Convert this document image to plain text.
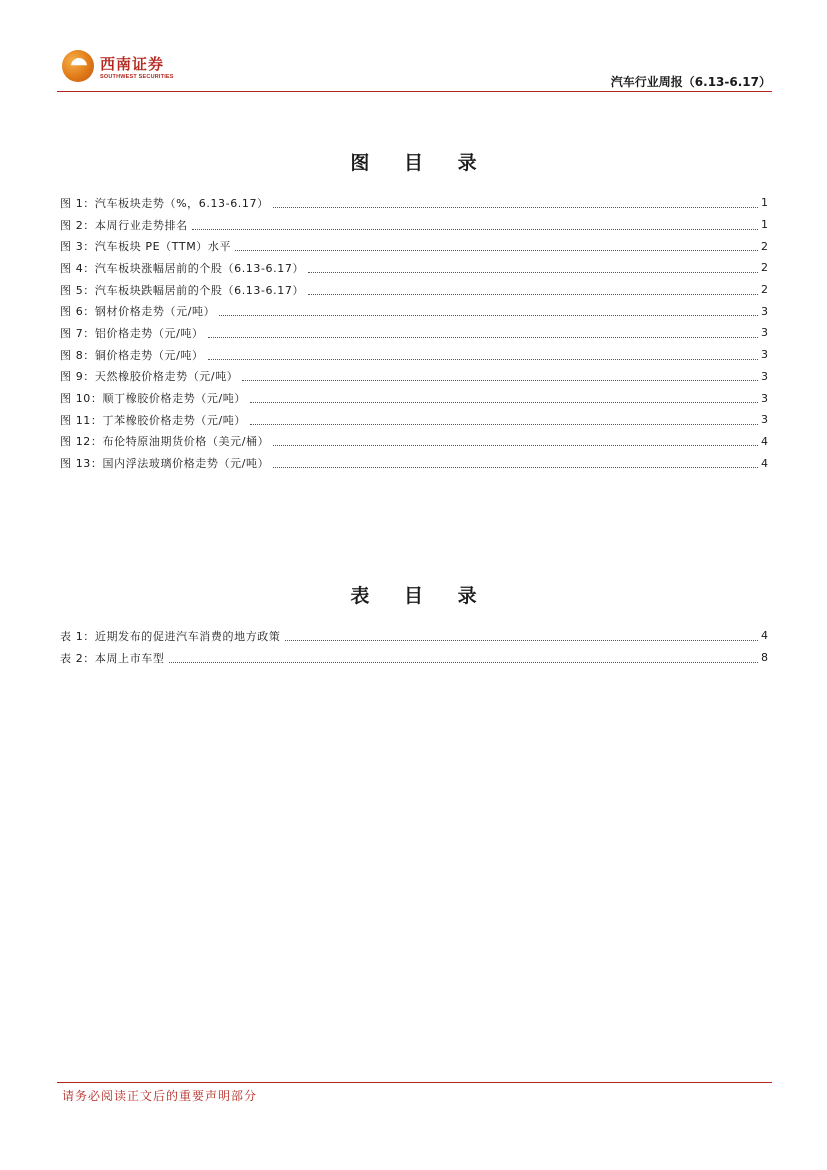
西南证券
SOUTHWEST SECURITIES	汽车行业周报（6.13-6.17）
图 目 录
图 1：汽车板块走势（%，6.13-6.17）	1
图 2：本周行业走势排名	1
图 3：汽车板块 PE（TTM）水平	2
图 4：汽车板块涨幅居前的个股（6.13-6.17）	2
图 5：汽车板块跌幅居前的个股（6.13-6.17）	2
图 6：钢材价格走势（元/吨）	3
图 7：铝价格走势（元/吨）	3
图 8：铜价格走势（元/吨）	3
图 9：天然橡胶价格走势（元/吨）	3
图 10：顺丁橡胶价格走势（元/吨）	3
图 11：丁苯橡胶价格走势（元/吨）	3
图 12：布伦特原油期货价格（美元/桶）	4
图 13：国内浮法玻璃价格走势（元/吨）	4
表 目 录
表 1：近期发布的促进汽车消费的地方政策	4
表 2：本周上市车型	8
请务必阅读正文后的重要声明部分
